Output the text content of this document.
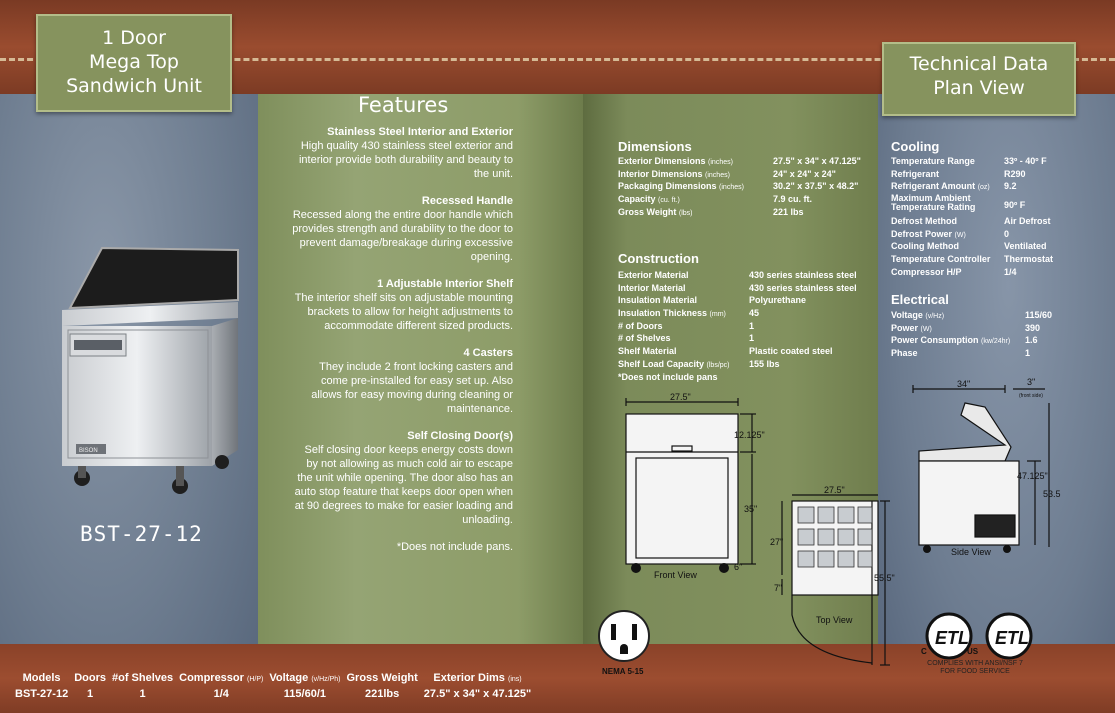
1 Door
Mega Top
Sandwich Unit
Technical Data
Plan View
BISON
BST-27-12
Features
Stainless Steel Interior and Exterior

High quality 430 stainless steel exterior and interior provide both durability and beauty to the unit.

Recessed Handle

Recessed along the entire door handle which provides strength and durability to the door to prevent damage/breakage during excessive opening.

1 Adjustable Interior Shelf

The interior shelf sits on adjustable mounting brackets to allow for height adjustments to accommodate different sized products.

4 Casters

They include 2 front locking casters and come pre-installed for easy set up. Also allows for easy moving during cleaning or maintenance.

Self Closing Door(s)

Self closing door keeps energy costs down by not allowing as much cold air to escape the unit while opening. The door also has an auto stop feature that keeps door open when at 90 degrees to make for easier loading and unloading.

*Does not include pans.

Dimensions
Exterior Dimensions (inches)	27.5" x 34" x 47.125"
Interior Dimensions (inches)	24" x 24" x 24"
Packaging Dimensions (inches)	30.2" x 37.5" x 48.2"
Capacity (cu. ft.)	7.9 cu. ft.
Gross Weight (lbs)	221 lbs
Construction
Exterior Material	430 series stainless steel
Interior Material	430 series stainless steel
Insulation Material	Polyurethane
Insulation Thickness (mm)	45
# of Doors	1
# of Shelves	1
Shelf Material	Plastic coated steel
Shelf Load Capacity (lbs/pc)	155 lbs
*Does not include pans
Cooling
Temperature Range	33º - 40º F
Refrigerant	R290
Refrigerant Amount (oz)	9.2
Maximum Ambient Temperature Rating	90º F
Defrost Method	Air Defrost
Defrost Power (W)	0
Cooling Method	Ventilated
Temperature Controller	Thermostat
Compressor H/P	1/4
Electrical
Voltage (v/Hz)	115/60
Power (W)	390
Power Consumption (kw/24hr)	1.6
Phase	1
27.5"
12.125"
35"
6"
Front View
27.5"
27"
7"
55.5"
Top View
34"	3"
(front side)
47.125"
53.5
Side View
NEMA 5-15
ETL ETL
C	US
COMPLIES WITH ANSI/NSF 7
FOR FOOD SERVICE
Models	Doors	#of Shelves	Compressor (H/P)	Voltage (v/Hz/Ph)	Gross Weight	Exterior Dims (ins)
BST-27-12	1	1	1/4	115/60/1	221lbs	27.5" x 34" x 47.125"
